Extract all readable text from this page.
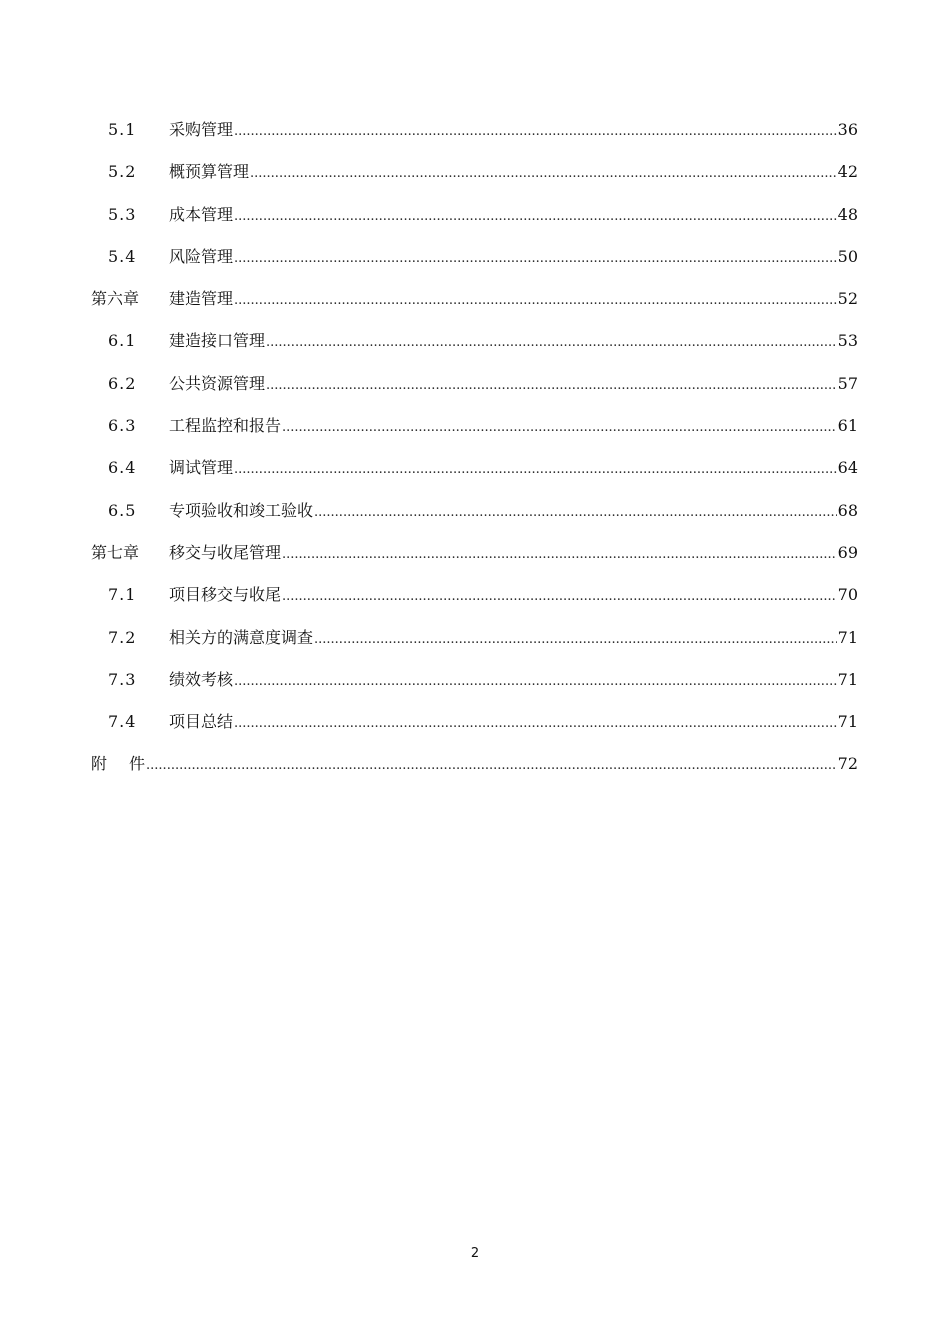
5.1 采购管理 .....	36
5.2 概预算管理 .....	42
5.3 成本管理 .....	48
5.4 风险管理 .....	50
第六章 建造管理 .....	52
6.1 建造接口管理 .....	53
6.2 公共资源管理 .....	57
6.3 工程监控和报告 .....	61
6.4 调试管理 .....	64
6.5 专项验收和竣工验收 .....	68
第七章 移交与收尾管理 .....	69
7.1 项目移交与收尾 .....	70
7.2 相关方的满意度调查 .....	71
7.3 绩效考核 .....	71
7.4 项目总结 .....	71
附 件 .....	72
2
